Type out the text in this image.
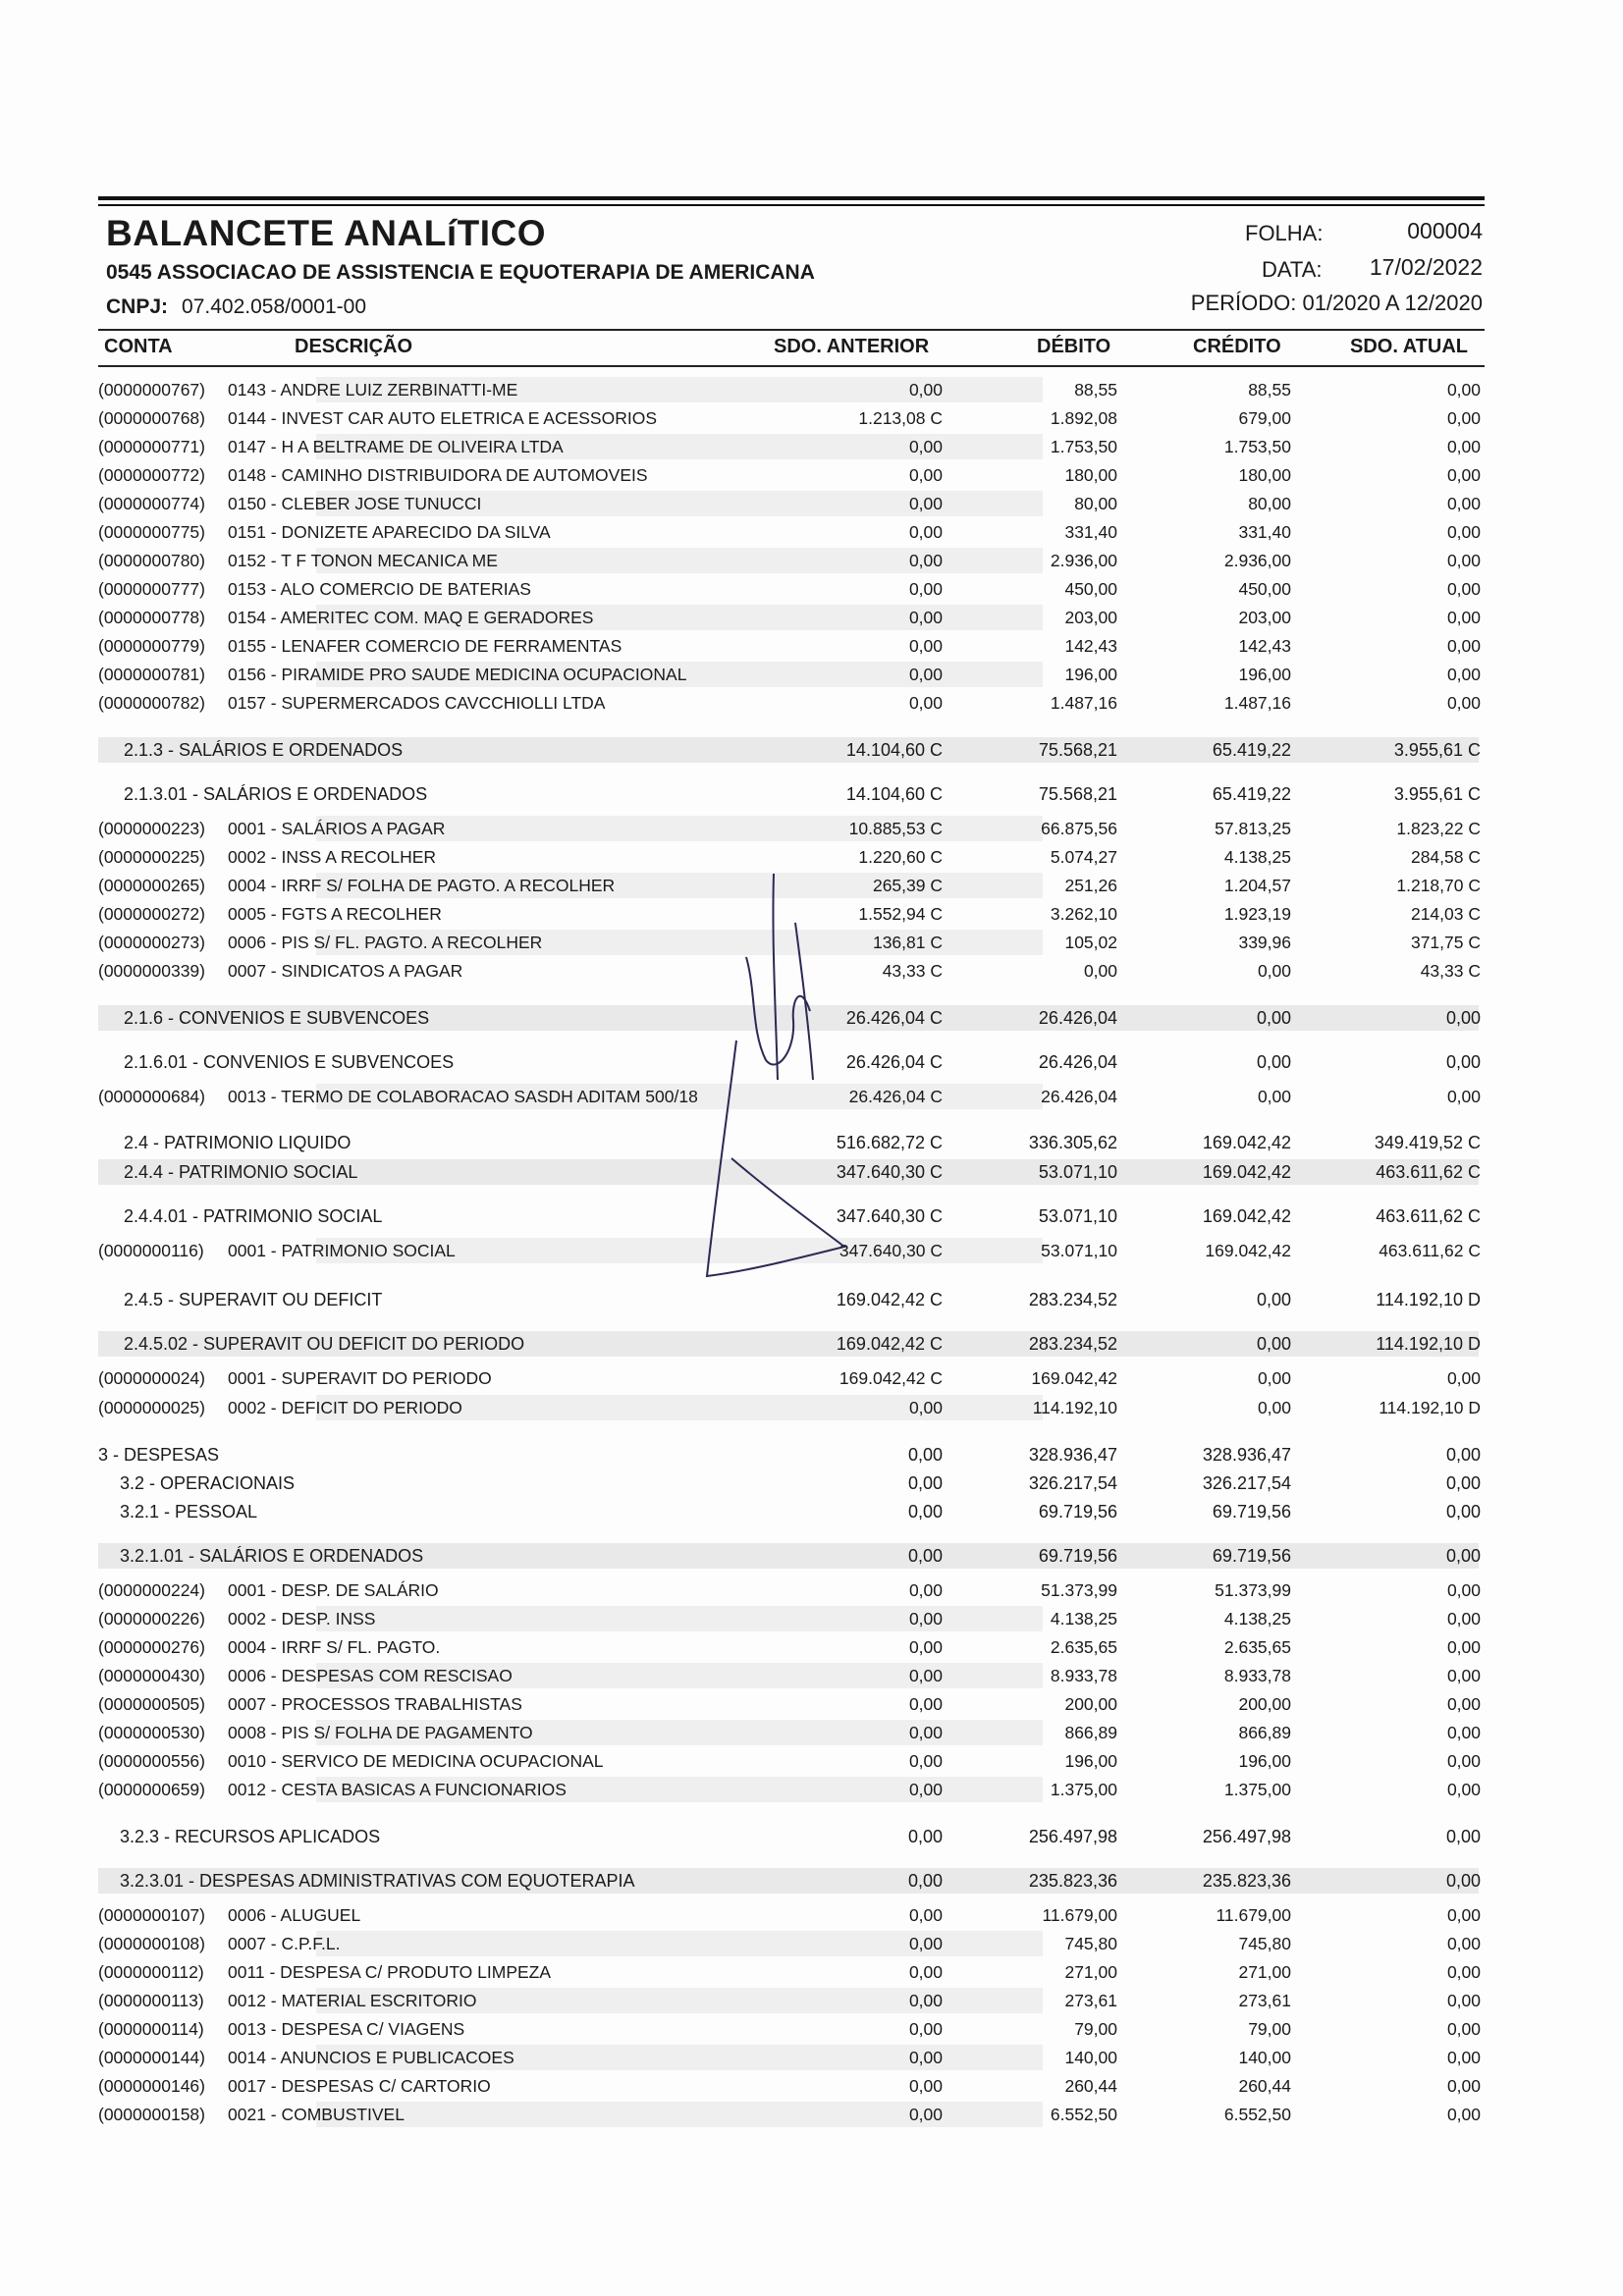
BALANCETE ANALíTICO
0545 ASSOCIACAO DE ASSISTENCIA E EQUOTERAPIA DE AMERICANA
CNPJ: 07.402.058/0001-00
FOLHA:	000004
DATA: 17/02/2022
PERÍODO: 01/2020 A 12/2020
CONTA	DESCRIÇÃO	SDO. ANTERIOR	DÉBITO	CRÉDITO	SDO. ATUAL
(0000000767) 0143 - ANDRE LUIZ ZERBINATTI-ME	0,00	88,55	88,55	0,00
(0000000768) 0144 - INVEST CAR AUTO ELETRICA E ACESSORIOS	1.213,08 C	1.892,08	679,00	0,00
(0000000771) 0147 - H A BELTRAME DE OLIVEIRA LTDA	0,00	1.753,50	1.753,50	0,00
(0000000772) 0148 - CAMINHO DISTRIBUIDORA DE AUTOMOVEIS	0,00	180,00	180,00	0,00
(0000000774) 0150 - CLEBER JOSE TUNUCCI	0,00	80,00	80,00	0,00
(0000000775) 0151 - DONIZETE APARECIDO DA SILVA	0,00	331,40	331,40	0,00
(0000000780) 0152 - T F TONON MECANICA ME	0,00	2.936,00	2.936,00	0,00
(0000000777) 0153 - ALO COMERCIO DE BATERIAS	0,00	450,00	450,00	0,00
(0000000778) 0154 - AMERITEC COM. MAQ E GERADORES	0,00	203,00	203,00	0,00
(0000000779) 0155 - LENAFER COMERCIO DE FERRAMENTAS	0,00	142,43	142,43	0,00
(0000000781) 0156 - PIRAMIDE PRO SAUDE MEDICINA OCUPACIONAL	0,00	196,00	196,00	0,00
(0000000782) 0157 - SUPERMERCADOS CAVCCHIOLLI LTDA	0,00	1.487,16	1.487,16	0,00
2.1.3 - SALÁRIOS E ORDENADOS	14.104,60 C	75.568,21	65.419,22	3.955,61 C
2.1.3.01 - SALÁRIOS E ORDENADOS	14.104,60 C	75.568,21	65.419,22	3.955,61 C
(0000000223) 0001 - SALÁRIOS A PAGAR	10.885,53 C	66.875,56	57.813,25	1.823,22 C
(0000000225) 0002 - INSS A RECOLHER	1.220,60 C	5.074,27	4.138,25	284,58 C
(0000000265) 0004 - IRRF S/ FOLHA DE PAGTO. A RECOLHER	265,39 C	251,26	1.204,57	1.218,70 C
(0000000272) 0005 - FGTS A RECOLHER	1.552,94 C	3.262,10	1.923,19	214,03 C
(0000000273) 0006 - PIS S/ FL. PAGTO. A RECOLHER	136,81 C	105,02	339,96	371,75 C
(0000000339) 0007 - SINDICATOS A PAGAR	43,33 C	0,00	0,00	43,33 C
2.1.6 - CONVENIOS E SUBVENCOES	26.426,04 C	26.426,04	0,00	0,00
2.1.6.01 - CONVENIOS E SUBVENCOES	26.426,04 C	26.426,04	0,00	0,00
(0000000684) 0013 - TERMO DE COLABORACAO SASDH ADITAM 500/18	26.426,04 C	26.426,04	0,00	0,00
2.4 - PATRIMONIO LIQUIDO	516.682,72 C	336.305,62	169.042,42	349.419,52 C
2.4.4 - PATRIMONIO SOCIAL	347.640,30 C	53.071,10	169.042,42	463.611,62 C
2.4.4.01 - PATRIMONIO SOCIAL	347.640,30 C	53.071,10	169.042,42	463.611,62 C
(0000000116) 0001 - PATRIMONIO SOCIAL	347.640,30 C	53.071,10	169.042,42	463.611,62 C
2.4.5 - SUPERAVIT OU DEFICIT	169.042,42 C	283.234,52	0,00	114.192,10 D
2.4.5.02 - SUPERAVIT OU DEFICIT DO PERIODO	169.042,42 C	283.234,52	0,00	114.192,10 D
(0000000024) 0001 - SUPERAVIT DO PERIODO	169.042,42 C	169.042,42	0,00	0,00
(0000000025) 0002 - DEFICIT DO PERIODO	0,00	114.192,10	0,00	114.192,10 D
3 - DESPESAS	0,00	328.936,47	328.936,47	0,00
3.2 - OPERACIONAIS	0,00	326.217,54	326.217,54	0,00
3.2.1 - PESSOAL	0,00	69.719,56	69.719,56	0,00
3.2.1.01 - SALÁRIOS E ORDENADOS	0,00	69.719,56	69.719,56	0,00
(0000000224) 0001 - DESP. DE SALÁRIO	0,00	51.373,99	51.373,99	0,00
(0000000226) 0002 - DESP. INSS	0,00	4.138,25	4.138,25	0,00
(0000000276) 0004 - IRRF S/ FL. PAGTO.	0,00	2.635,65	2.635,65	0,00
(0000000430) 0006 - DESPESAS COM RESCISAO	0,00	8.933,78	8.933,78	0,00
(0000000505) 0007 - PROCESSOS TRABALHISTAS	0,00	200,00	200,00	0,00
(0000000530) 0008 - PIS S/ FOLHA DE PAGAMENTO	0,00	866,89	866,89	0,00
(0000000556) 0010 - SERVICO DE MEDICINA OCUPACIONAL	0,00	196,00	196,00	0,00
(0000000659) 0012 - CESTA BASICAS A FUNCIONARIOS	0,00	1.375,00	1.375,00	0,00
3.2.3 - RECURSOS APLICADOS	0,00	256.497,98	256.497,98	0,00
3.2.3.01 - DESPESAS ADMINISTRATIVAS COM EQUOTERAPIA	0,00	235.823,36	235.823,36	0,00
(0000000107) 0006 - ALUGUEL	0,00	11.679,00	11.679,00	0,00
(0000000108) 0007 - C.P.F.L.	0,00	745,80	745,80	0,00
(0000000112) 0011 - DESPESA C/ PRODUTO LIMPEZA	0,00	271,00	271,00	0,00
(0000000113) 0012 - MATERIAL ESCRITORIO	0,00	273,61	273,61	0,00
(0000000114) 0013 - DESPESA C/ VIAGENS	0,00	79,00	79,00	0,00
(0000000144) 0014 - ANUNCIOS E PUBLICACOES	0,00	140,00	140,00	0,00
(0000000146) 0017 - DESPESAS C/ CARTORIO	0,00	260,44	260,44	0,00
(0000000158) 0021 - COMBUSTIVEL	0,00	6.552,50	6.552,50	0,00
